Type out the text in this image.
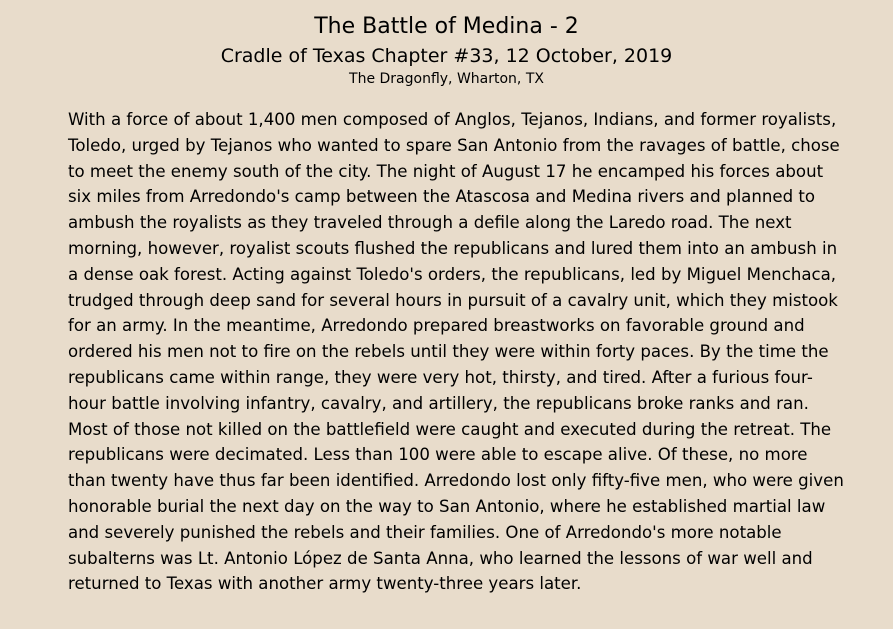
The Battle of Medina - 2
Cradle of Texas Chapter #33, 12 October, 2019
The Dragonfly, Wharton, TX

With a force of about 1,400 men composed of Anglos, Tejanos, Indians, and former royalists, Toledo, urged by Tejanos who wanted to spare San Antonio from the ravages of battle, chose to meet the enemy south of the city. The night of August 17 he encamped his forces about six miles from Arredondo's camp between the Atascosa and Medina rivers and planned to ambush the royalists as they traveled through a defile along the Laredo road. The next morning, however, royalist scouts flushed the republicans and lured them into an ambush in a dense oak forest. Acting against Toledo's orders, the republicans, led by Miguel Menchaca, trudged through deep sand for several hours in pursuit of a cavalry unit, which they mistook for an army. In the meantime, Arredondo prepared breastworks on favorable ground and ordered his men not to fire on the rebels until they were within forty paces. By the time the republicans came within range, they were very hot, thirsty, and tired. After a furious four-hour battle involving infantry, cavalry, and artillery, the republicans broke ranks and ran. Most of those not killed on the battlefield were caught and executed during the retreat. The republicans were decimated. Less than 100 were able to escape alive. Of these, no more than twenty have thus far been identified. Arredondo lost only fifty-five men, who were given honorable burial the next day on the way to San Antonio, where he established martial law and severely punished the rebels and their families. One of Arredondo's more notable subalterns was Lt. Antonio López de Santa Anna, who learned the lessons of war well and returned to Texas with another army twenty-three years later.
